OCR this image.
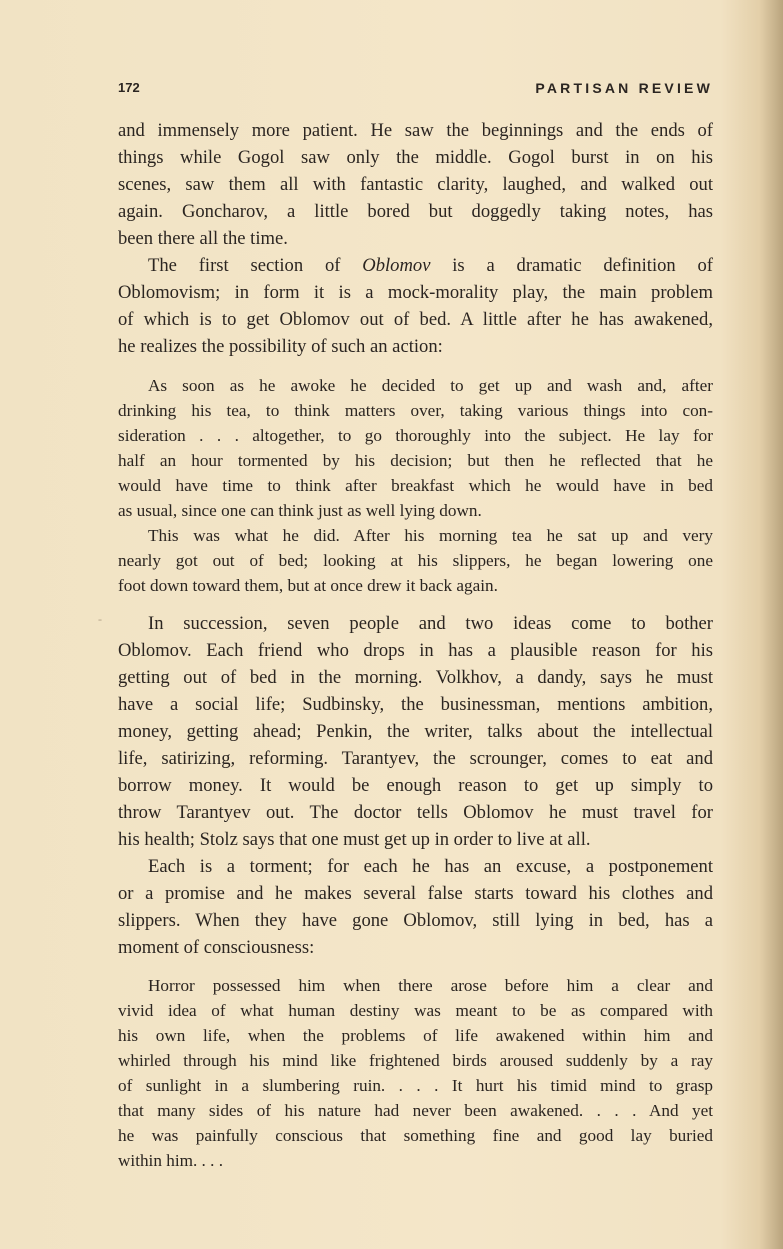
172	PARTISAN REVIEW
-
and immensely more patient. He saw the beginnings and the ends of
things while Gogol saw only the middle. Gogol burst in on his
scenes, saw them all with fantastic clarity, laughed, and walked out
again. Goncharov, a little bored but doggedly taking notes, has
been there all the time.
The first section of Oblomov is a dramatic definition of
Oblomovism; in form it is a mock-morality play, the main problem
of which is to get Oblomov out of bed. A little after he has awakened,
he realizes the possibility of such an action:
As soon as he awoke he decided to get up and wash and, after
drinking his tea, to think matters over, taking various things into con-
sideration . . . altogether, to go thoroughly into the subject. He lay for
half an hour tormented by his decision; but then he reflected that he
would have time to think after breakfast which he would have in bed
as usual, since one can think just as well lying down.
This was what he did. After his morning tea he sat up and very
nearly got out of bed; looking at his slippers, he began lowering one
foot down toward them, but at once drew it back again.
In succession, seven people and two ideas come to bother
Oblomov. Each friend who drops in has a plausible reason for his
getting out of bed in the morning. Volkhov, a dandy, says he must
have a social life; Sudbinsky, the businessman, mentions ambition,
money, getting ahead; Penkin, the writer, talks about the intellectual
life, satirizing, reforming. Tarantyev, the scrounger, comes to eat and
borrow money. It would be enough reason to get up simply to
throw Tarantyev out. The doctor tells Oblomov he must travel for
his health; Stolz says that one must get up in order to live at all.
Each is a torment; for each he has an excuse, a postponement
or a promise and he makes several false starts toward his clothes and
slippers. When they have gone Oblomov, still lying in bed, has a
moment of consciousness:
Horror possessed him when there arose before him a clear and
vivid idea of what human destiny was meant to be as compared with
his own life, when the problems of life awakened within him and
whirled through his mind like frightened birds aroused suddenly by a ray
of sunlight in a slumbering ruin. . . . It hurt his timid mind to grasp
that many sides of his nature had never been awakened. . . . And yet
he was painfully conscious that something fine and good lay buried
within him. . . .
